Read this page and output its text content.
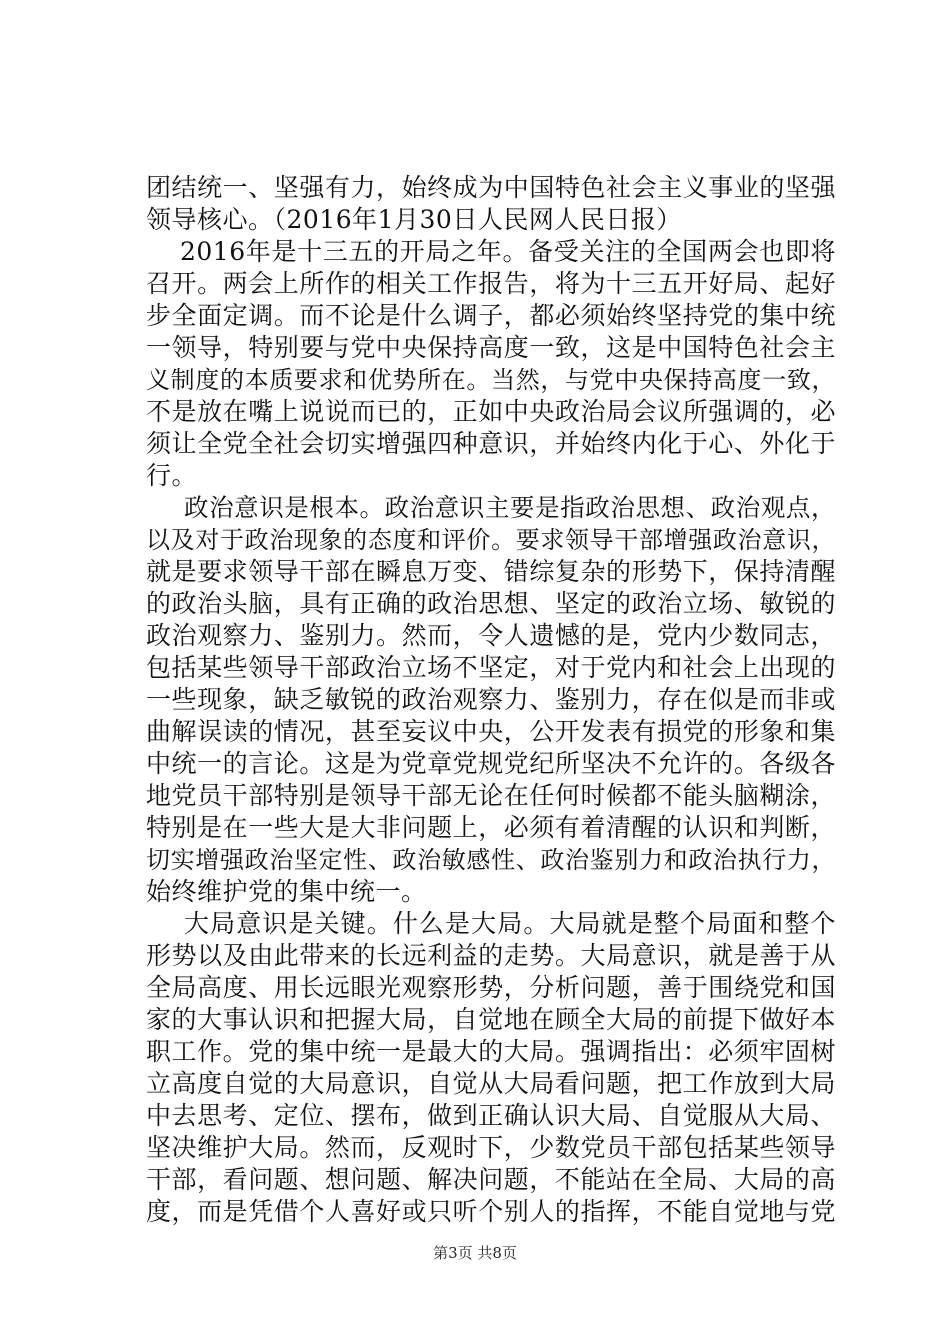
团结统一、坚强有力，始终成为中国特色社会主义事业的坚强
领导核心。（2016年1月30日人民网人民日报）
2016年是十三五的开局之年。备受关注的全国两会也即将
召开。两会上所作的相关工作报告，将为十三五开好局、起好
步全面定调。而不论是什么调子，都必须始终坚持党的集中统
一领导，特别要与党中央保持高度一致，这是中国特色社会主
义制度的本质要求和优势所在。当然，与党中央保持高度一致，
不是放在嘴上说说而已的，正如中央政治局会议所强调的，必
须让全党全社会切实增强四种意识，并始终内化于心、外化于
行。
政治意识是根本。政治意识主要是指政治思想、政治观点，
以及对于政治现象的态度和评价。要求领导干部增强政治意识，
就是要求领导干部在瞬息万变、错综复杂的形势下，保持清醒
的政治头脑，具有正确的政治思想、坚定的政治立场、敏锐的
政治观察力、鉴别力。然而，令人遗憾的是，党内少数同志，
包括某些领导干部政治立场不坚定，对于党内和社会上出现的
一些现象，缺乏敏锐的政治观察力、鉴别力，存在似是而非或
曲解误读的情况，甚至妄议中央，公开发表有损党的形象和集
中统一的言论。这是为党章党规党纪所坚决不允许的。各级各
地党员干部特别是领导干部无论在任何时候都不能头脑糊涂，
特别是在一些大是大非问题上，必须有着清醒的认识和判断，
切实增强政治坚定性、政治敏感性、政治鉴别力和政治执行力，
始终维护党的集中统一。
大局意识是关键。什么是大局。大局就是整个局面和整个
形势以及由此带来的长远利益的走势。大局意识，就是善于从
全局高度、用长远眼光观察形势，分析问题，善于围绕党和国
家的大事认识和把握大局，自觉地在顾全大局的前提下做好本
职工作。党的集中统一是最大的大局。强调指出：必须牢固树
立高度自觉的大局意识，自觉从大局看问题，把工作放到大局
中去思考、定位、摆布，做到正确认识大局、自觉服从大局、
坚决维护大局。然而，反观时下，少数党员干部包括某些领导
干部，看问题、想问题、解决问题，不能站在全局、大局的高
度，而是凭借个人喜好或只听个别人的指挥，不能自觉地与党
第3页 共8页
